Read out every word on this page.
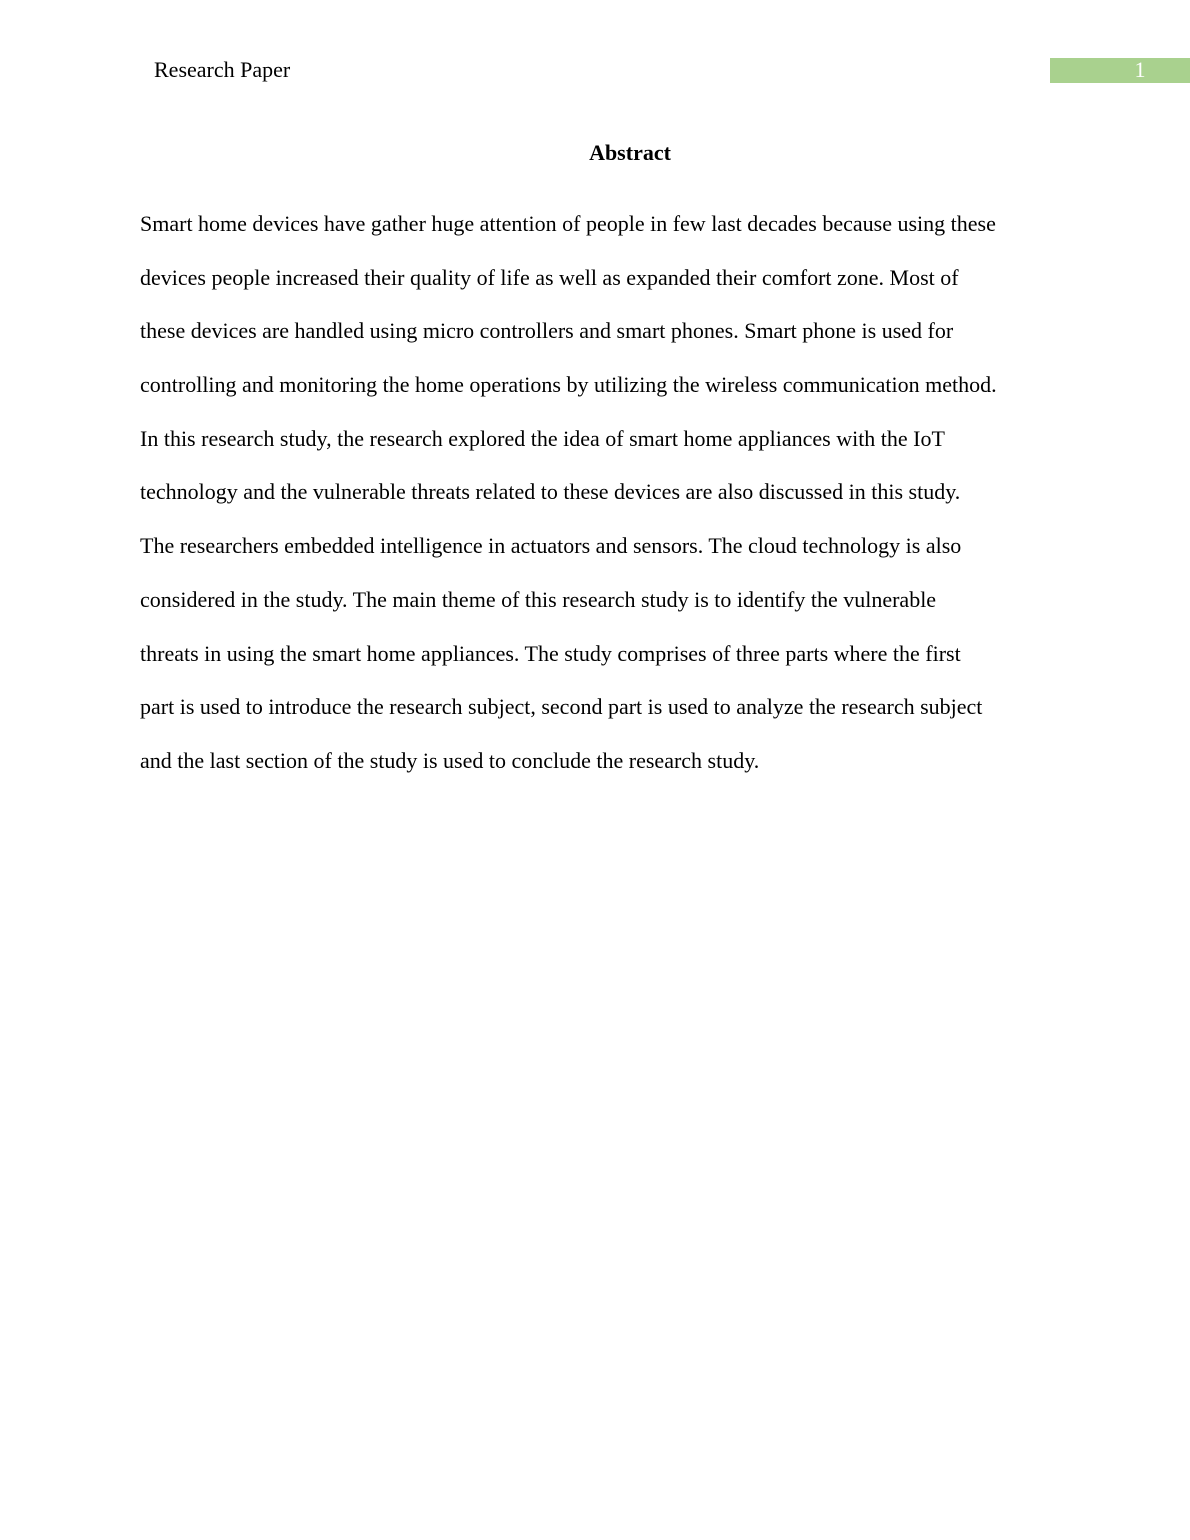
Research Paper	1
Abstract
Smart home devices have gather huge attention of people in few last decades because using these
devices people increased their quality of life as well as expanded their comfort zone. Most of
these devices are handled using micro controllers and smart phones. Smart phone is used for
controlling and monitoring the home operations by utilizing the wireless communication method.
In this research study, the research explored the idea of smart home appliances with the IoT
technology and the vulnerable threats related to these devices are also discussed in this study.
The researchers embedded intelligence in actuators and sensors. The cloud technology is also
considered in the study. The main theme of this research study is to identify the vulnerable
threats in using the smart home appliances. The study comprises of three parts where the first
part is used to introduce the research subject, second part is used to analyze the research subject
and the last section of the study is used to conclude the research study.
